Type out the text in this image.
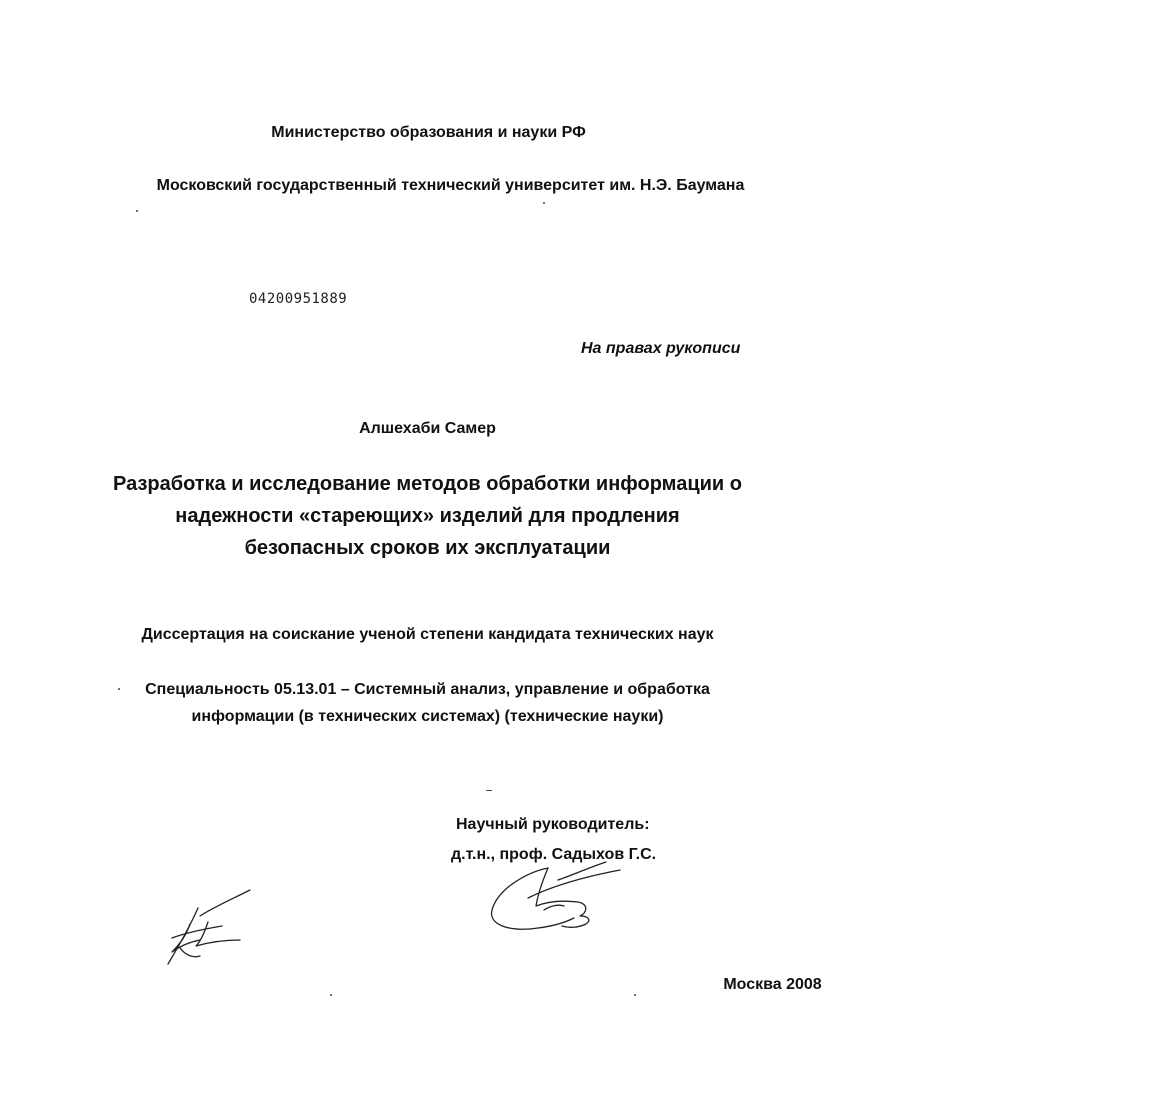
Министерство образования и науки РФ
Московский государственный технический университет им. Н.Э. Баумана
04200951889
На правах рукописи
Алшехаби Самер
Разработка и исследование методов обработки информации о
надежности «стареющих» изделий для продления
безопасных сроков их эксплуатации
Диссертация на соискание ученой степени кандидата технических наук
Специальность 05.13.01 – Системный анализ, управление и обработка
информации (в технических системах) (технические науки)
Научный руководитель:
д.т.н., проф. Садыхов Г.С.
Москва 2008
